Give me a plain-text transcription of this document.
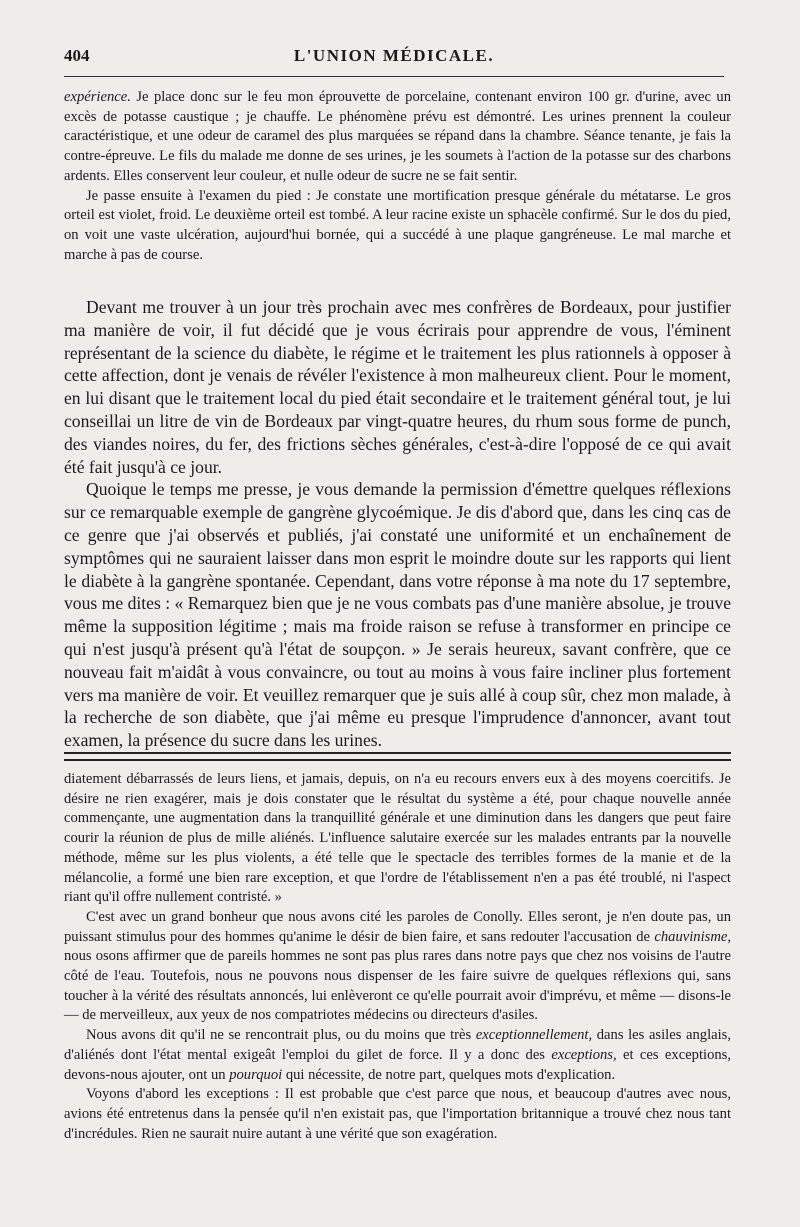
404	L'UNION MÉDICALE.

expérience. Je place donc sur le feu mon éprouvette de porcelaine, contenant environ 100 gr. d'urine, avec un excès de potasse caustique ; je chauffe. Le phénomène prévu est démontré. Les urines prennent la couleur caractéristique, et une odeur de caramel des plus marquées se répand dans la chambre. Séance tenante, je fais la contre-épreuve. Le fils du malade me donne de ses urines, je les soumets à l'action de la potasse sur des charbons ardents. Elles conservent leur couleur, et nulle odeur de sucre ne se fait sentir.

Je passe ensuite à l'examen du pied : Je constate une mortification presque générale du métatarse. Le gros orteil est violet, froid. Le deuxième orteil est tombé. A leur racine existe un sphacèle confirmé. Sur le dos du pied, on voit une vaste ulcération, aujourd'hui bornée, qui a succédé à une plaque gangréneuse. Le mal marche et marche à pas de course.

Devant me trouver à un jour très prochain avec mes confrères de Bordeaux, pour justifier ma manière de voir, il fut décidé que je vous écrirais pour apprendre de vous, l'éminent représentant de la science du diabète, le régime et le traitement les plus rationnels à opposer à cette affection, dont je venais de révéler l'existence à mon malheureux client. Pour le moment, en lui disant que le traitement local du pied était secondaire et le traitement général tout, je lui conseillai un litre de vin de Bordeaux par vingt-quatre heures, du rhum sous forme de punch, des viandes noires, du fer, des frictions sèches générales, c'est-à-dire l'opposé de ce qui avait été fait jusqu'à ce jour.

Quoique le temps me presse, je vous demande la permission d'émettre quelques réflexions sur ce remarquable exemple de gangrène glycoémique. Je dis d'abord que, dans les cinq cas de ce genre que j'ai observés et publiés, j'ai constaté une uniformité et un enchaînement de symptômes qui ne sauraient laisser dans mon esprit le moindre doute sur les rapports qui lient le diabète à la gangrène spontanée. Cependant, dans votre réponse à ma note du 17 septembre, vous me dites : « Remarquez bien que je ne vous combats pas d'une manière absolue, je trouve même la supposition légitime ; mais ma froide raison se refuse à transformer en principe ce qui n'est jusqu'à présent qu'à l'état de soupçon. » Je serais heureux, savant confrère, que ce nouveau fait m'aidât à vous convaincre, ou tout au moins à vous faire incliner plus fortement vers ma manière de voir. Et veuillez remarquer que je suis allé à coup sûr, chez mon malade, à la recherche de son diabète, que j'ai même eu presque l'imprudence d'annoncer, avant tout examen, la présence du sucre dans les urines.

diatement débarrassés de leurs liens, et jamais, depuis, on n'a eu recours envers eux à des moyens coercitifs. Je désire ne rien exagérer, mais je dois constater que le résultat du système a été, pour chaque nouvelle année commençante, une augmentation dans la tranquillité générale et une diminution dans les dangers que peut faire courir la réunion de plus de mille aliénés. L'influence salutaire exercée sur les malades entrants par la nouvelle méthode, même sur les plus violents, a été telle que le spectacle des terribles formes de la manie et de la mélancolie, a formé une bien rare exception, et que l'ordre de l'établissement n'en a pas été troublé, ni l'aspect riant qu'il offre nullement contristé. »

C'est avec un grand bonheur que nous avons cité les paroles de Conolly. Elles seront, je n'en doute pas, un puissant stimulus pour des hommes qu'anime le désir de bien faire, et sans redouter l'accusation de chauvinisme, nous osons affirmer que de pareils hommes ne sont pas plus rares dans notre pays que chez nos voisins de l'autre côté de l'eau. Toutefois, nous ne pouvons nous dispenser de les faire suivre de quelques réflexions qui, sans toucher à la vérité des résultats annoncés, lui enlèveront ce qu'elle pourrait avoir d'imprévu, et même — disons-le — de merveilleux, aux yeux de nos compatriotes médecins ou directeurs d'asiles.

Nous avons dit qu'il ne se rencontrait plus, ou du moins que très exceptionnellement, dans les asiles anglais, d'aliénés dont l'état mental exigeât l'emploi du gilet de force. Il y a donc des exceptions, et ces exceptions, devons-nous ajouter, ont un pourquoi qui nécessite, de notre part, quelques mots d'explication.

Voyons d'abord les exceptions : Il est probable que c'est parce que nous, et beaucoup d'autres avec nous, avions été entretenus dans la pensée qu'il n'en existait pas, que l'importation britannique a trouvé chez nous tant d'incrédules. Rien ne saurait nuire autant à une vérité que son exagération.
